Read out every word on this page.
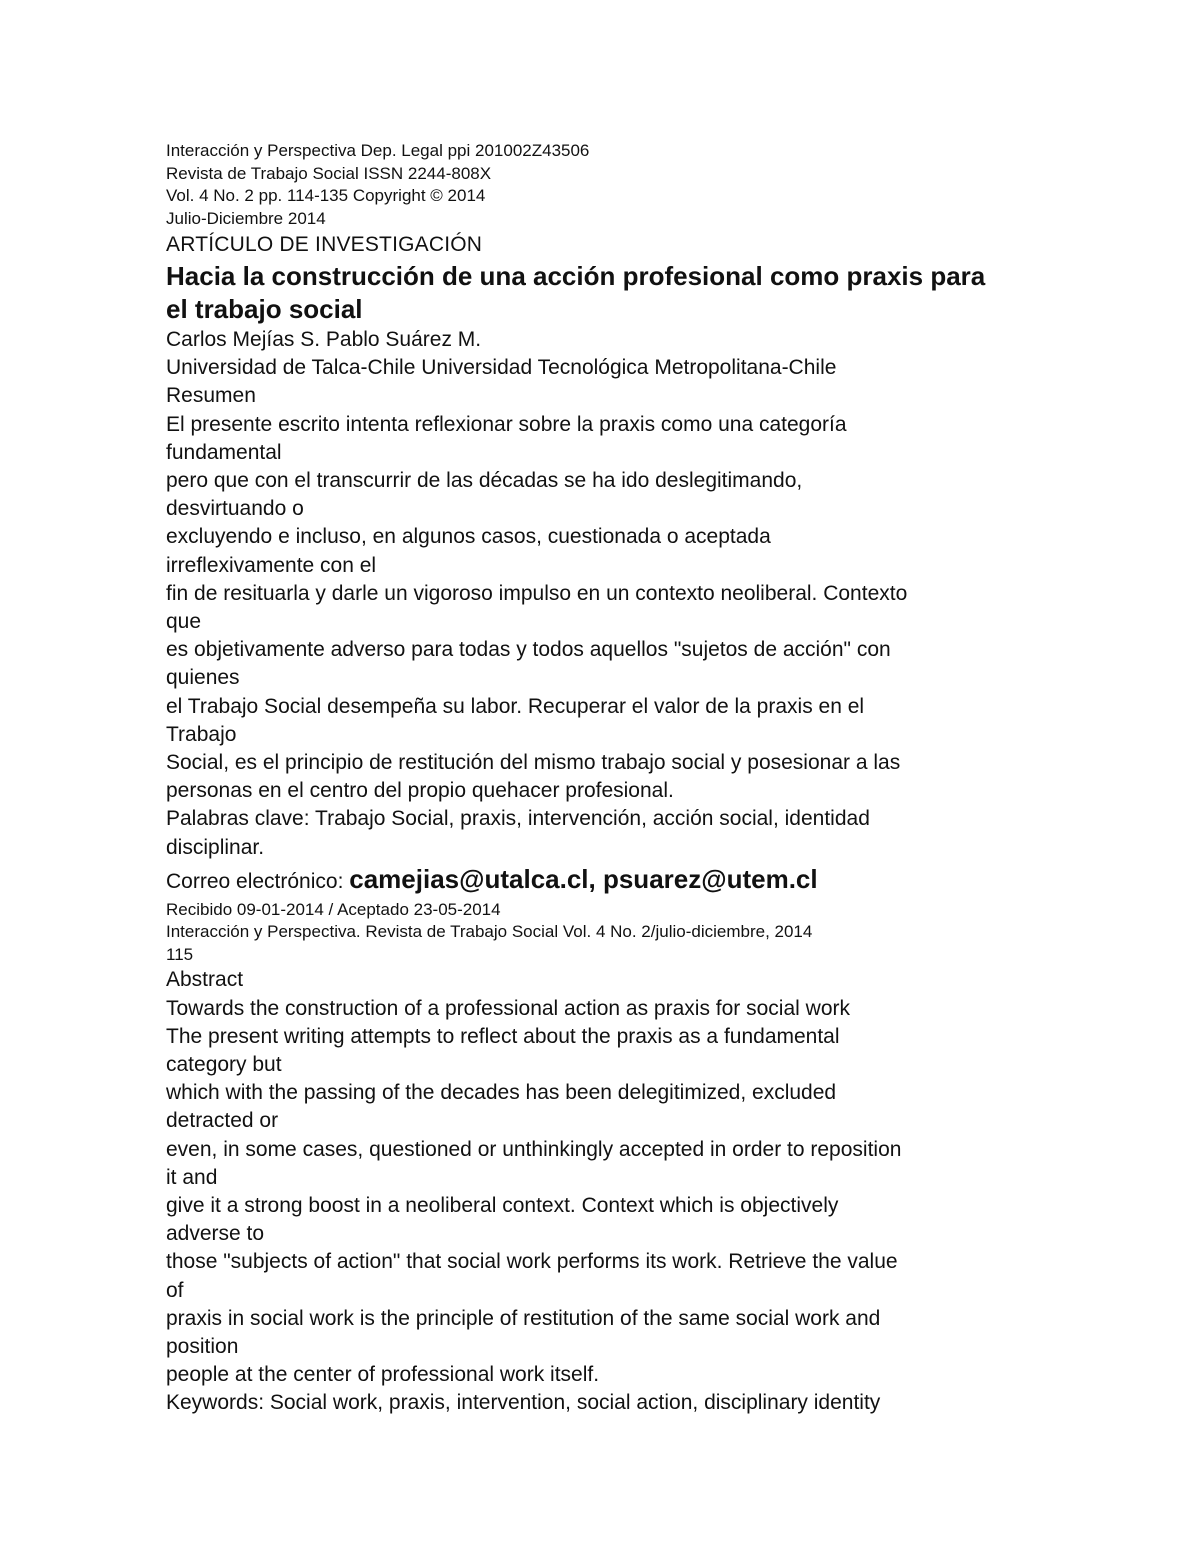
Interacción y Perspectiva Dep. Legal ppi 201002Z43506
Revista de Trabajo Social ISSN 2244-808X
Vol. 4 No. 2 pp. 114-135 Copyright © 2014
Julio-Diciembre 2014
ARTÍCULO DE INVESTIGACIÓN
Hacia la construcción de una acción profesional como praxis para
el trabajo social
Carlos Mejías S. Pablo Suárez M.
Universidad de Talca-Chile Universidad Tecnológica Metropolitana-Chile
Resumen
El presente escrito intenta reflexionar sobre la praxis como una categoría
fundamental
pero que con el transcurrir de las décadas se ha ido deslegitimando,
desvirtuando o
excluyendo e incluso, en algunos casos, cuestionada o aceptada
irreflexivamente con el
fin de resituarla y darle un vigoroso impulso en un contexto neoliberal. Contexto
que
es objetivamente adverso para todas y todos aquellos "sujetos de acción" con
quienes
el Trabajo Social desempeña su labor. Recuperar el valor de la praxis en el
Trabajo
Social, es el principio de restitución del mismo trabajo social y posesionar a las
personas en el centro del propio quehacer profesional.
Palabras clave: Trabajo Social, praxis, intervención, acción social, identidad
disciplinar.
Correo electrónico: camejias@utalca.cl, psuarez@utem.cl
Recibido 09-01-2014 / Aceptado 23-05-2014
Interacción y Perspectiva. Revista de Trabajo Social Vol. 4 No. 2/julio-diciembre, 2014
115
Abstract
Towards the construction of a professional action as praxis for social work
The present writing attempts to reflect about the praxis as a fundamental
category but
which with the passing of the decades has been delegitimized, excluded
detracted or
even, in some cases, questioned or unthinkingly accepted in order to reposition
it and
give it a strong boost in a neoliberal context. Context which is objectively
adverse to
those "subjects of action" that social work performs its work. Retrieve the value
of
praxis in social work is the principle of restitution of the same social work and
position
people at the center of professional work itself.
Keywords: Social work, praxis, intervention, social action, disciplinary identity
